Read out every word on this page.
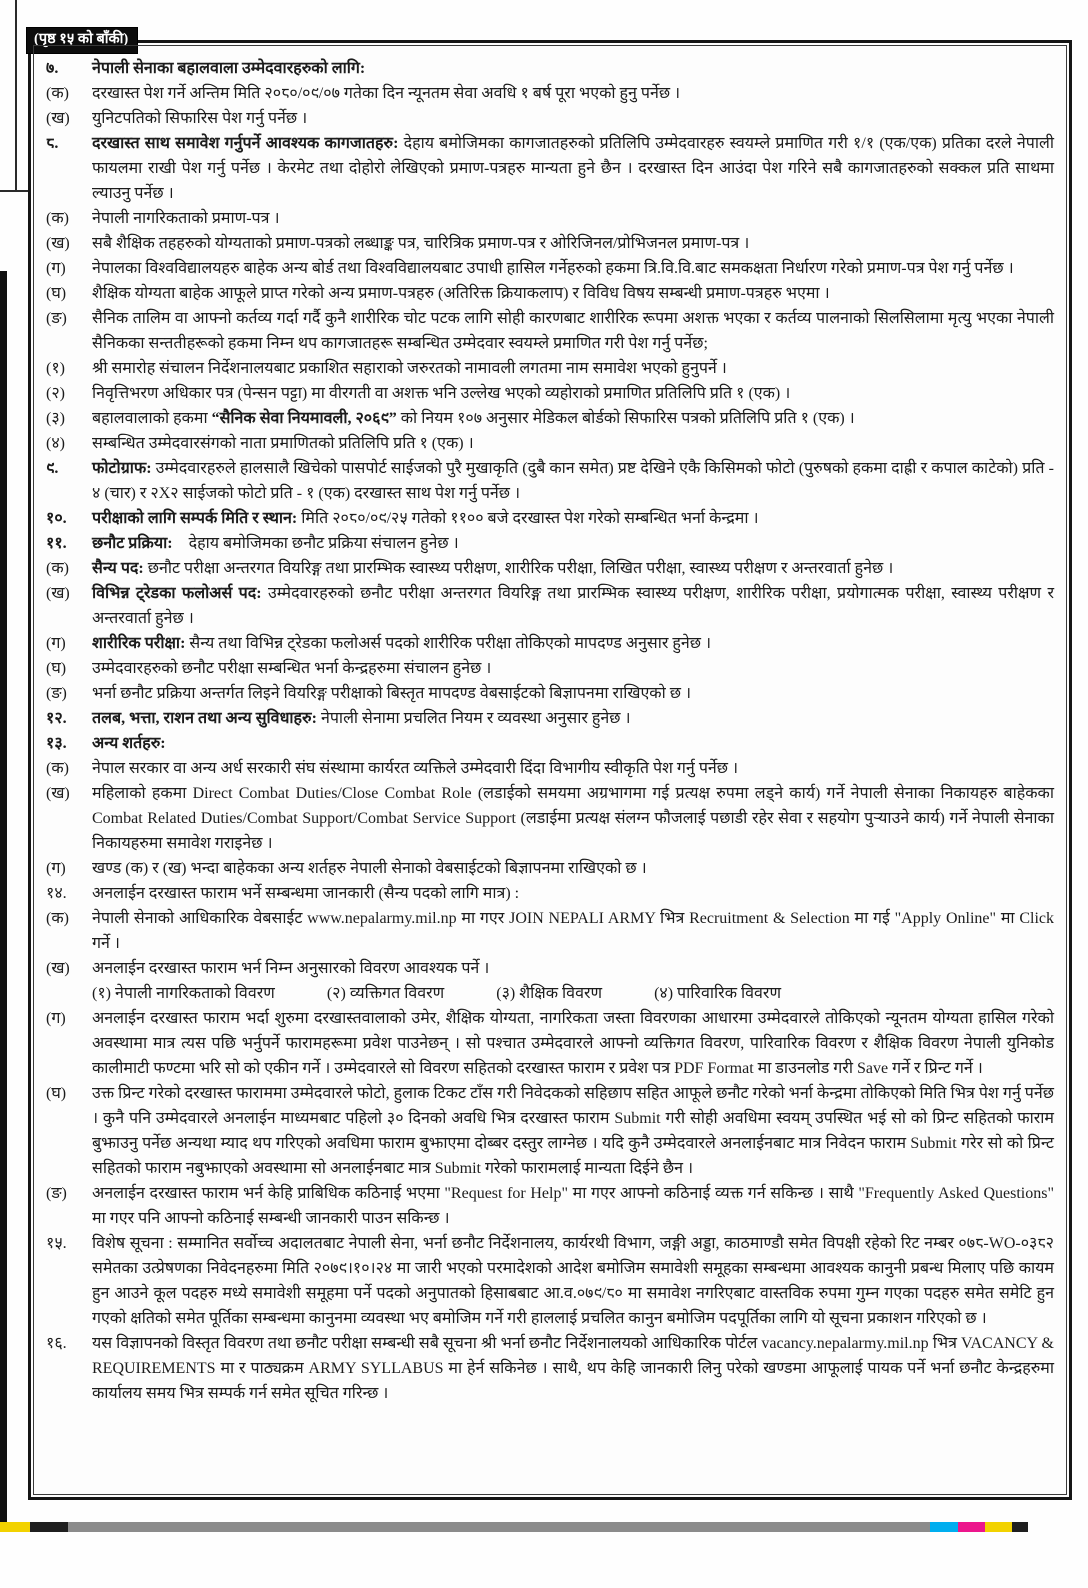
(पृष्ठ १५ को बाँकी)
७.	नेपाली सेनाका बहालवाला उम्मेदवारहरुको लागि:
(क)	दरखास्त पेश गर्ने अन्तिम मिति २०८०/०९/०७ गतेका दिन न्यूनतम सेवा अवधि १ बर्ष पूरा भएको हुनु पर्नेछ ।
(ख)	युनिटपतिको सिफारिस पेश गर्नु पर्नेछ ।
८.	दरखास्त साथ समावेश गर्नुपर्ने आवश्यक कागजातहरु: देहाय बमोजिमका कागजातहरुको प्रतिलिपि उम्मेदवारहरु स्वयम्ले प्रमाणित गरी १/१ (एक/एक) प्रतिका दरले नेपाली फायलमा राखी पेश गर्नु पर्नेछ । केरमेट तथा दोहोरो लेखिएको प्रमाण-पत्रहरु मान्यता हुने छैन । दरखास्त दिन आउंदा पेश गरिने सबै कागजातहरुको सक्कल प्रति साथमा ल्याउनु पर्नेछ ।
(क)	नेपाली नागरिकताको प्रमाण-पत्र ।
(ख)	सबै शैक्षिक तहहरुको योग्यताको प्रमाण-पत्रको लब्धाङ्क पत्र, चारित्रिक प्रमाण-पत्र र ओरिजिनल/प्रोभिजनल प्रमाण-पत्र ।
(ग)	नेपालका विश्वविद्यालयहरु बाहेक अन्य बोर्ड तथा विश्वविद्यालयबाट उपाधी हासिल गर्नेहरुको हकमा त्रि.वि.वि.बाट समकक्षता निर्धारण गरेको प्रमाण-पत्र पेश गर्नु पर्नेछ ।
(घ)	शैक्षिक योग्यता बाहेक आफूले प्राप्त गरेको अन्य प्रमाण-पत्रहरु (अतिरिक्त क्रियाकलाप) र विविध विषय सम्बन्धी प्रमाण-पत्रहरु भएमा ।
(ङ)	सैनिक तालिम वा आफ्नो कर्तव्य गर्दा गर्दै कुनै शारीरिक चोट पटक लागि सोही कारणबाट शारीरिक रूपमा अशक्त भएका र कर्तव्य पालनाको सिलसिलामा मृत्यु भएका नेपाली सैनिकका सन्ततीहरूको हकमा निम्न थप कागजातहरू सम्बन्धित उम्मेदवार स्वयम्ले प्रमाणित गरी पेश गर्नु पर्नेछ;
(१)	श्री समारोह संचालन निर्देशनालयबाट प्रकाशित सहाराको जरुरतको नामावली लगतमा नाम समावेश भएको हुनुपर्ने ।
(२)	निवृत्तिभरण अधिकार पत्र (पेन्सन पट्टा) मा वीरगती वा अशक्त भनि उल्लेख भएको व्यहोराको प्रमाणित प्रतिलिपि प्रति १ (एक) ।
(३)	बहालवालाको हकमा “सैनिक सेवा नियमावली, २०६९” को नियम १०७ अनुसार मेडिकल बोर्डको सिफारिस पत्रको प्रतिलिपि प्रति १ (एक) ।
(४)	सम्बन्धित उम्मेदवारसंगको नाता प्रमाणितको प्रतिलिपि प्रति १ (एक) ।
९.	फोटोग्राफ: उम्मेदवारहरुले हालसालै खिचेको पासपोर्ट साईजको पुरै मुखाकृति (दुबै कान समेत) प्रष्ट देखिने एकै किसिमको फोटो (पुरुषको हकमा दाह्री र कपाल काटेको) प्रति - ४ (चार) र २X२ साईजको फोटो प्रति - १ (एक) दरखास्त साथ पेश गर्नु पर्नेछ ।
१०.	परीक्षाको लागि सम्पर्क मिति र स्थान: मिति २०८०/०९/२५ गतेको ११०० बजे दरखास्त पेश गरेको सम्बन्धित भर्ना केन्द्रमा ।
११.	छनौट प्रक्रिया: देहाय बमोजिमका छनौट प्रक्रिया संचालन हुनेछ ।
(क)	सैन्य पद: छनौट परीक्षा अन्तरगत वियरिङ्ग तथा प्रारम्भिक स्वास्थ्य परीक्षण, शारीरिक परीक्षा, लिखित परीक्षा, स्वास्थ्य परीक्षण र अन्तरवार्ता हुनेछ ।
(ख)	विभिन्न ट्रेडका फलोअर्स पद: उम्मेदवारहरुको छनौट परीक्षा अन्तरगत वियरिङ्ग तथा प्रारम्भिक स्वास्थ्य परीक्षण, शारीरिक परीक्षा, प्रयोगात्मक परीक्षा, स्वास्थ्य परीक्षण र अन्तरवार्ता हुनेछ ।
(ग)	शारीरिक परीक्षा: सैन्य तथा विभिन्न ट्रेडका फलोअर्स पदको शारीरिक परीक्षा तोकिएको मापदण्ड अनुसार हुनेछ ।
(घ)	उम्मेदवारहरुको छनौट परीक्षा सम्बन्धित भर्ना केन्द्रहरुमा संचालन हुनेछ ।
(ङ)	भर्ना छनौट प्रक्रिया अन्तर्गत लिइने वियरिङ्ग परीक्षाको बिस्तृत मापदण्ड वेबसाईटको बिज्ञापनमा राखिएको छ ।
१२.	तलब, भत्ता, राशन तथा अन्य सुविधाहरु: नेपाली सेनामा प्रचलित नियम र व्यवस्था अनुसार हुनेछ ।
१३.	अन्य शर्तहरु:
(क)	नेपाल सरकार वा अन्य अर्ध सरकारी संघ संस्थामा कार्यरत व्यक्तिले उम्मेदवारी दिंदा विभागीय स्वीकृति पेश गर्नु पर्नेछ ।
(ख)	महिलाको हकमा Direct Combat Duties/Close Combat Role (लडाईको समयमा अग्रभागमा गई प्रत्यक्ष रुपमा लड्ने कार्य) गर्ने नेपाली सेनाका निकायहरु बाहेकका Combat Related Duties/Combat Support/Combat Service Support (लडाईमा प्रत्यक्ष संलग्न फौजलाई पछाडी रहेर सेवा र सहयोग पुऱ्याउने कार्य) गर्ने नेपाली सेनाका निकायहरुमा समावेश गराइनेछ ।
(ग)	खण्ड (क) र (ख) भन्दा बाहेकका अन्य शर्तहरु नेपाली सेनाको वेबसाईटको बिज्ञापनमा राखिएको छ ।
१४.	अनलाईन दरखास्त फाराम भर्ने सम्बन्धमा जानकारी (सैन्य पदको लागि मात्र) :
(क)	नेपाली सेनाको आधिकारिक वेबसाईट www.nepalarmy.mil.np मा गएर JOIN NEPALI ARMY भित्र Recruitment & Selection मा गई "Apply Online" मा Click गर्ने ।
(ख)	अनलाईन दरखास्त फाराम भर्न निम्न अनुसारको विवरण आवश्यक पर्ने ।
(१) नेपाली नागरिकताको विवरण	(२) व्यक्तिगत विवरण	(३) शैक्षिक विवरण	(४) पारिवारिक विवरण
(ग)	अनलाईन दरखास्त फाराम भर्दा शुरुमा दरखास्तवालाको उमेर, शैक्षिक योग्यता, नागरिकता जस्ता विवरणका आधारमा उम्मेदवारले तोकिएको न्यूनतम योग्यता हासिल गरेको अवस्थामा मात्र त्यस पछि भर्नुपर्ने फारामहरूमा प्रवेश पाउनेछन् । सो पश्चात उम्मेदवारले आफ्नो व्यक्तिगत विवरण, पारिवारिक विवरण र शैक्षिक विवरण नेपाली युनिकोड कालीमाटी फण्टमा भरि सो को एकीन गर्ने । उम्मेदवारले सो विवरण सहितको दरखास्त फाराम र प्रवेश पत्र PDF Format मा डाउनलोड गरी Save गर्ने र प्रिन्ट गर्ने ।
(घ)	उक्त प्रिन्ट गरेको दरखास्त फाराममा उम्मेदवारले फोटो, हुलाक टिकट टाँस गरी निवेदकको सहिछाप सहित आफूले छनौट गरेको भर्ना केन्द्रमा तोकिएको मिति भित्र पेश गर्नु पर्नेछ । कुनै पनि उम्मेदवारले अनलाईन माध्यमबाट पहिलो ३० दिनको अवधि भित्र दरखास्त फाराम Submit गरी सोही अवधिमा स्वयम् उपस्थित भई सो को प्रिन्ट सहितको फाराम बुझाउनु पर्नेछ अन्यथा म्याद थप गरिएको अवधिमा फाराम बुझाएमा दोब्बर दस्तुर लाग्नेछ । यदि कुनै उम्मेदवारले अनलाईनबाट मात्र निवेदन फाराम Submit गरेर सो को प्रिन्ट सहितको फाराम नबुझाएको अवस्थामा सो अनलाईनबाट मात्र Submit गरेको फारामलाई मान्यता दिईने छैन ।
(ङ)	अनलाईन दरखास्त फाराम भर्न केहि प्राबिधिक कठिनाई भएमा "Request for Help" मा गएर आफ्नो कठिनाई व्यक्त गर्न सकिन्छ । साथै "Frequently Asked Questions" मा गएर पनि आफ्नो कठिनाई सम्बन्धी जानकारी पाउन सकिन्छ ।
१५.	विशेष सूचना : सम्मानित सर्वोच्च अदालतबाट नेपाली सेना, भर्ना छनौट निर्देशनालय, कार्यरथी विभाग, जङ्गी अड्डा, काठमाण्डौ समेत विपक्षी रहेको रिट नम्बर ०७८-WO-०३८२ समेतका उत्प्रेषणका निवेदनहरुमा मिति २०७९।१०।२४ मा जारी भएको परमादेशको आदेश बमोजिम समावेशी समूहका सम्बन्धमा आवश्यक कानुनी प्रबन्ध मिलाए पछि कायम हुन आउने कूल पदहरु मध्ये समावेशी समूहमा पर्ने पदको अनुपातको हिसाबबाट आ.व.०७९/८० मा समावेश नगरिएबाट वास्तविक रुपमा गुम्न गएका पदहरु समेत समेटि हुन गएको क्षतिको समेत पूर्तिका सम्बन्धमा कानुनमा व्यवस्था भए बमोजिम गर्ने गरी हाललाई प्रचलित कानुन बमोजिम पदपूर्तिका लागि यो सूचना प्रकाशन गरिएको छ ।
१६.	यस विज्ञापनको विस्तृत विवरण तथा छनौट परीक्षा सम्बन्धी सबै सूचना श्री भर्ना छनौट निर्देशनालयको आधिकारिक पोर्टल vacancy.nepalarmy.mil.np भित्र VACANCY & REQUIREMENTS मा र पाठ्यक्रम ARMY SYLLABUS मा हेर्न सकिनेछ । साथै, थप केहि जानकारी लिनु परेको खण्डमा आफूलाई पायक पर्ने भर्ना छनौट केन्द्रहरुमा कार्यालय समय भित्र सम्पर्क गर्न समेत सूचित गरिन्छ ।
